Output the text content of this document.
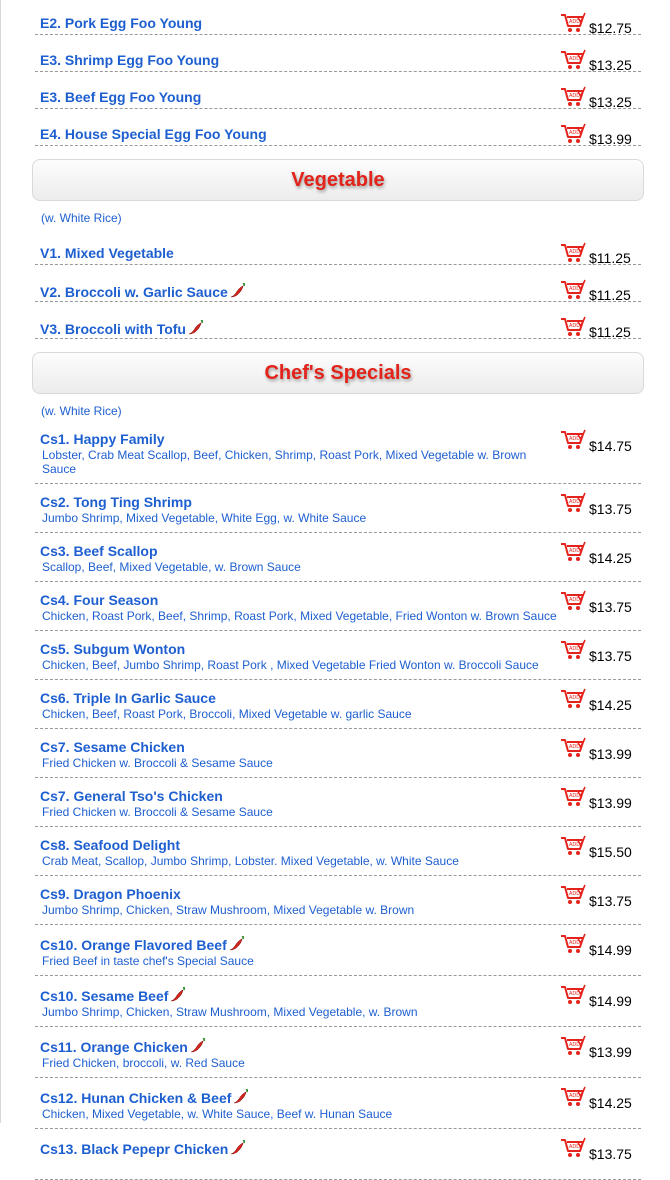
E2. Pork Egg Foo Young	ADD $12.75
E3. Shrimp Egg Foo Young	ADD $13.25
E3. Beef Egg Foo Young	ADD $13.25
E4. House Special Egg Foo Young	ADD $13.99
Vegetable
(w. White Rice)
V1. Mixed Vegetable	ADD $11.25
V2. Broccoli w. Garlic Sauce	ADD $11.25
V3. Broccoli with Tofu	ADD $11.25
Chef's Specials
(w. White Rice)
Cs1. Happy Family
Lobster, Crab Meat Scallop, Beef, Chicken, Shrimp, Roast Pork, Mixed Vegetable w. Brown Sauce
ADD $14.75
Cs2. Tong Ting Shrimp
Jumbo Shrimp, Mixed Vegetable, White Egg, w. White Sauce
ADD $13.75
Cs3. Beef Scallop
Scallop, Beef, Mixed Vegetable, w. Brown Sauce
ADD $14.25
Cs4. Four Season
Chicken, Roast Pork, Beef, Shrimp, Roast Pork, Mixed Vegetable, Fried Wonton w. Brown Sauce
ADD $13.75
Cs5. Subgum Wonton
Chicken, Beef, Jumbo Shrimp, Roast Pork , Mixed Vegetable Fried Wonton w. Broccoli Sauce
ADD $13.75
Cs6. Triple In Garlic Sauce
Chicken, Beef, Roast Pork, Broccoli, Mixed Vegetable w. garlic Sauce
ADD $14.25
Cs7. Sesame Chicken
Fried Chicken w. Broccoli & Sesame Sauce
ADD $13.99
Cs7. General Tso's Chicken
Fried Chicken w. Broccoli & Sesame Sauce
ADD $13.99
Cs8. Seafood Delight
Crab Meat, Scallop, Jumbo Shrimp, Lobster. Mixed Vegetable, w. White Sauce
ADD $15.50
Cs9. Dragon Phoenix
Jumbo Shrimp, Chicken, Straw Mushroom, Mixed Vegetable w. Brown
ADD $13.75
Cs10. Orange Flavored Beef
Fried Beef in taste chef's Special Sauce
ADD $14.99
Cs10. Sesame Beef
Jumbo Shrimp, Chicken, Straw Mushroom, Mixed Vegetable, w. Brown
ADD $14.99
Cs11. Orange Chicken
Fried Chicken, broccoli, w. Red Sauce
ADD $13.99
Cs12. Hunan Chicken & Beef
Chicken, Mixed Vegetable, w. White Sauce, Beef w. Hunan Sauce
ADD $14.25
Cs13. Black Pepepr Chicken	ADD $13.75
